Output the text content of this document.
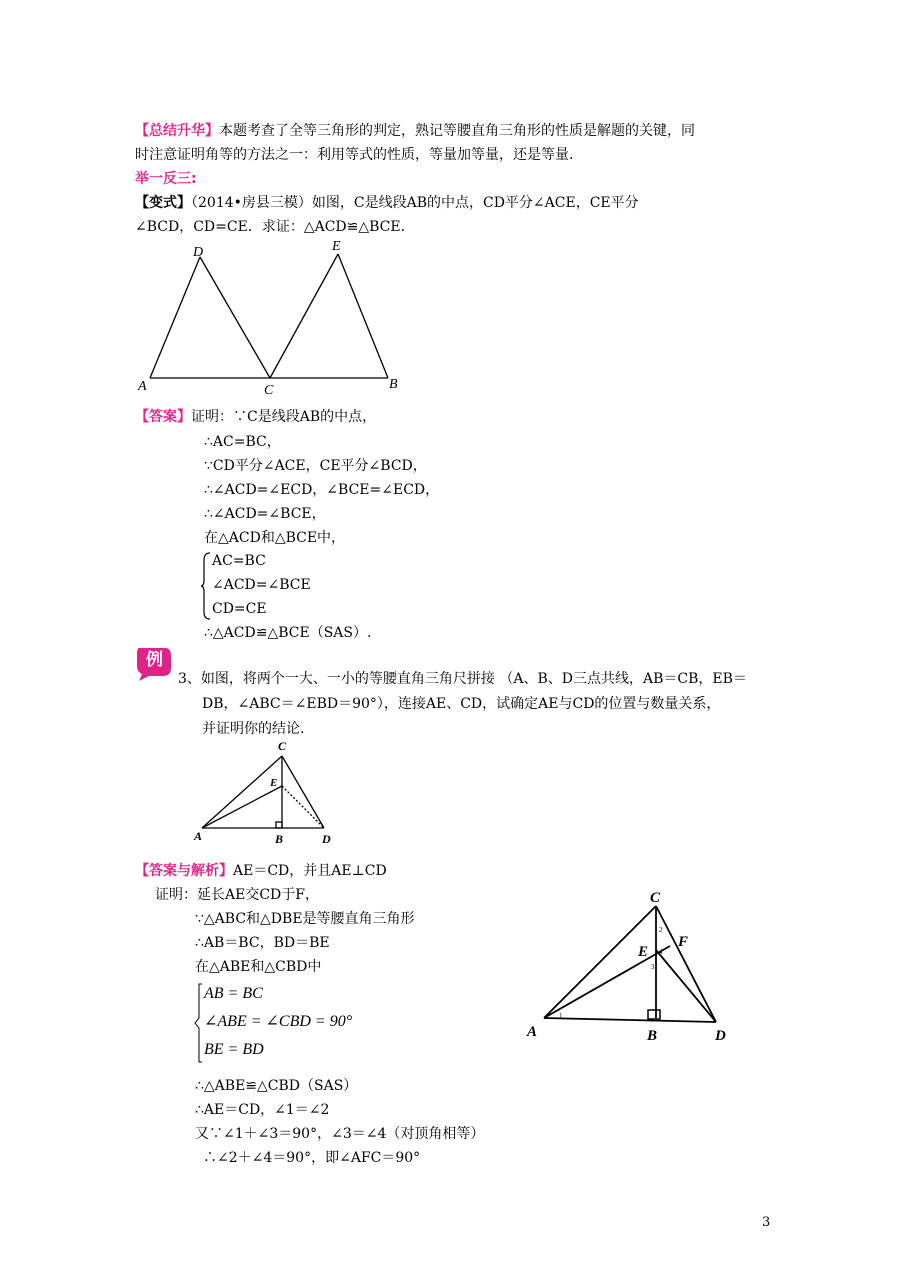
【总结升华】本题考查了全等三角形的判定，熟记等腰直角三角形的性质是解题的关键，同
时注意证明角等的方法之一：利用等式的性质，等量加等量，还是等量.
举一反三:
【变式】（2014•房县三模）如图，C是线段AB的中点，CD平分∠ACE，CE平分
∠BCD，CD=CE．求证：△ACD≌△BCE．
A	C	B
D	E
【答案】证明：∵C是线段AB的中点，
∴AC=BC，
∵CD平分∠ACE，CE平分∠BCD，
∴∠ACD=∠ECD，∠BCE=∠ECD，
∴∠ACD=∠BCE，
在△ACD和△BCE中，
AC=BC
∠ACD=∠BCE
CD=CE
∴△ACD≌△BCE（SAS）.
例
3、如图，将两个一大、一小的等腰直角三角尺拼接 （A、B、D三点共线，AB＝CB，EB＝
DB，∠ABC＝∠EBD＝90°），连接AE、CD，试确定AE与CD的位置与数量关系，
并证明你的结论.
C
E
A	B	D
【答案与解析】AE＝CD，并且AE⊥CD
证明：延长AE交CD于F，
∵△ABC和△DBE是等腰直角三角形
∴AB＝BC，BD＝BE
在△ABE和△CBD中
AB = BC
∠ABE = ∠CBD = 90°
BE = BD
∴△ABE≌△CBD（SAS）
∴AE＝CD，∠1＝∠2
又∵∠1＋∠3＝90°，∠3＝∠4（对顶角相等）
∴∠2＋∠4＝90°，即∠AFC＝90°
C
E
F
A	B	D
1
2
3
4
3
